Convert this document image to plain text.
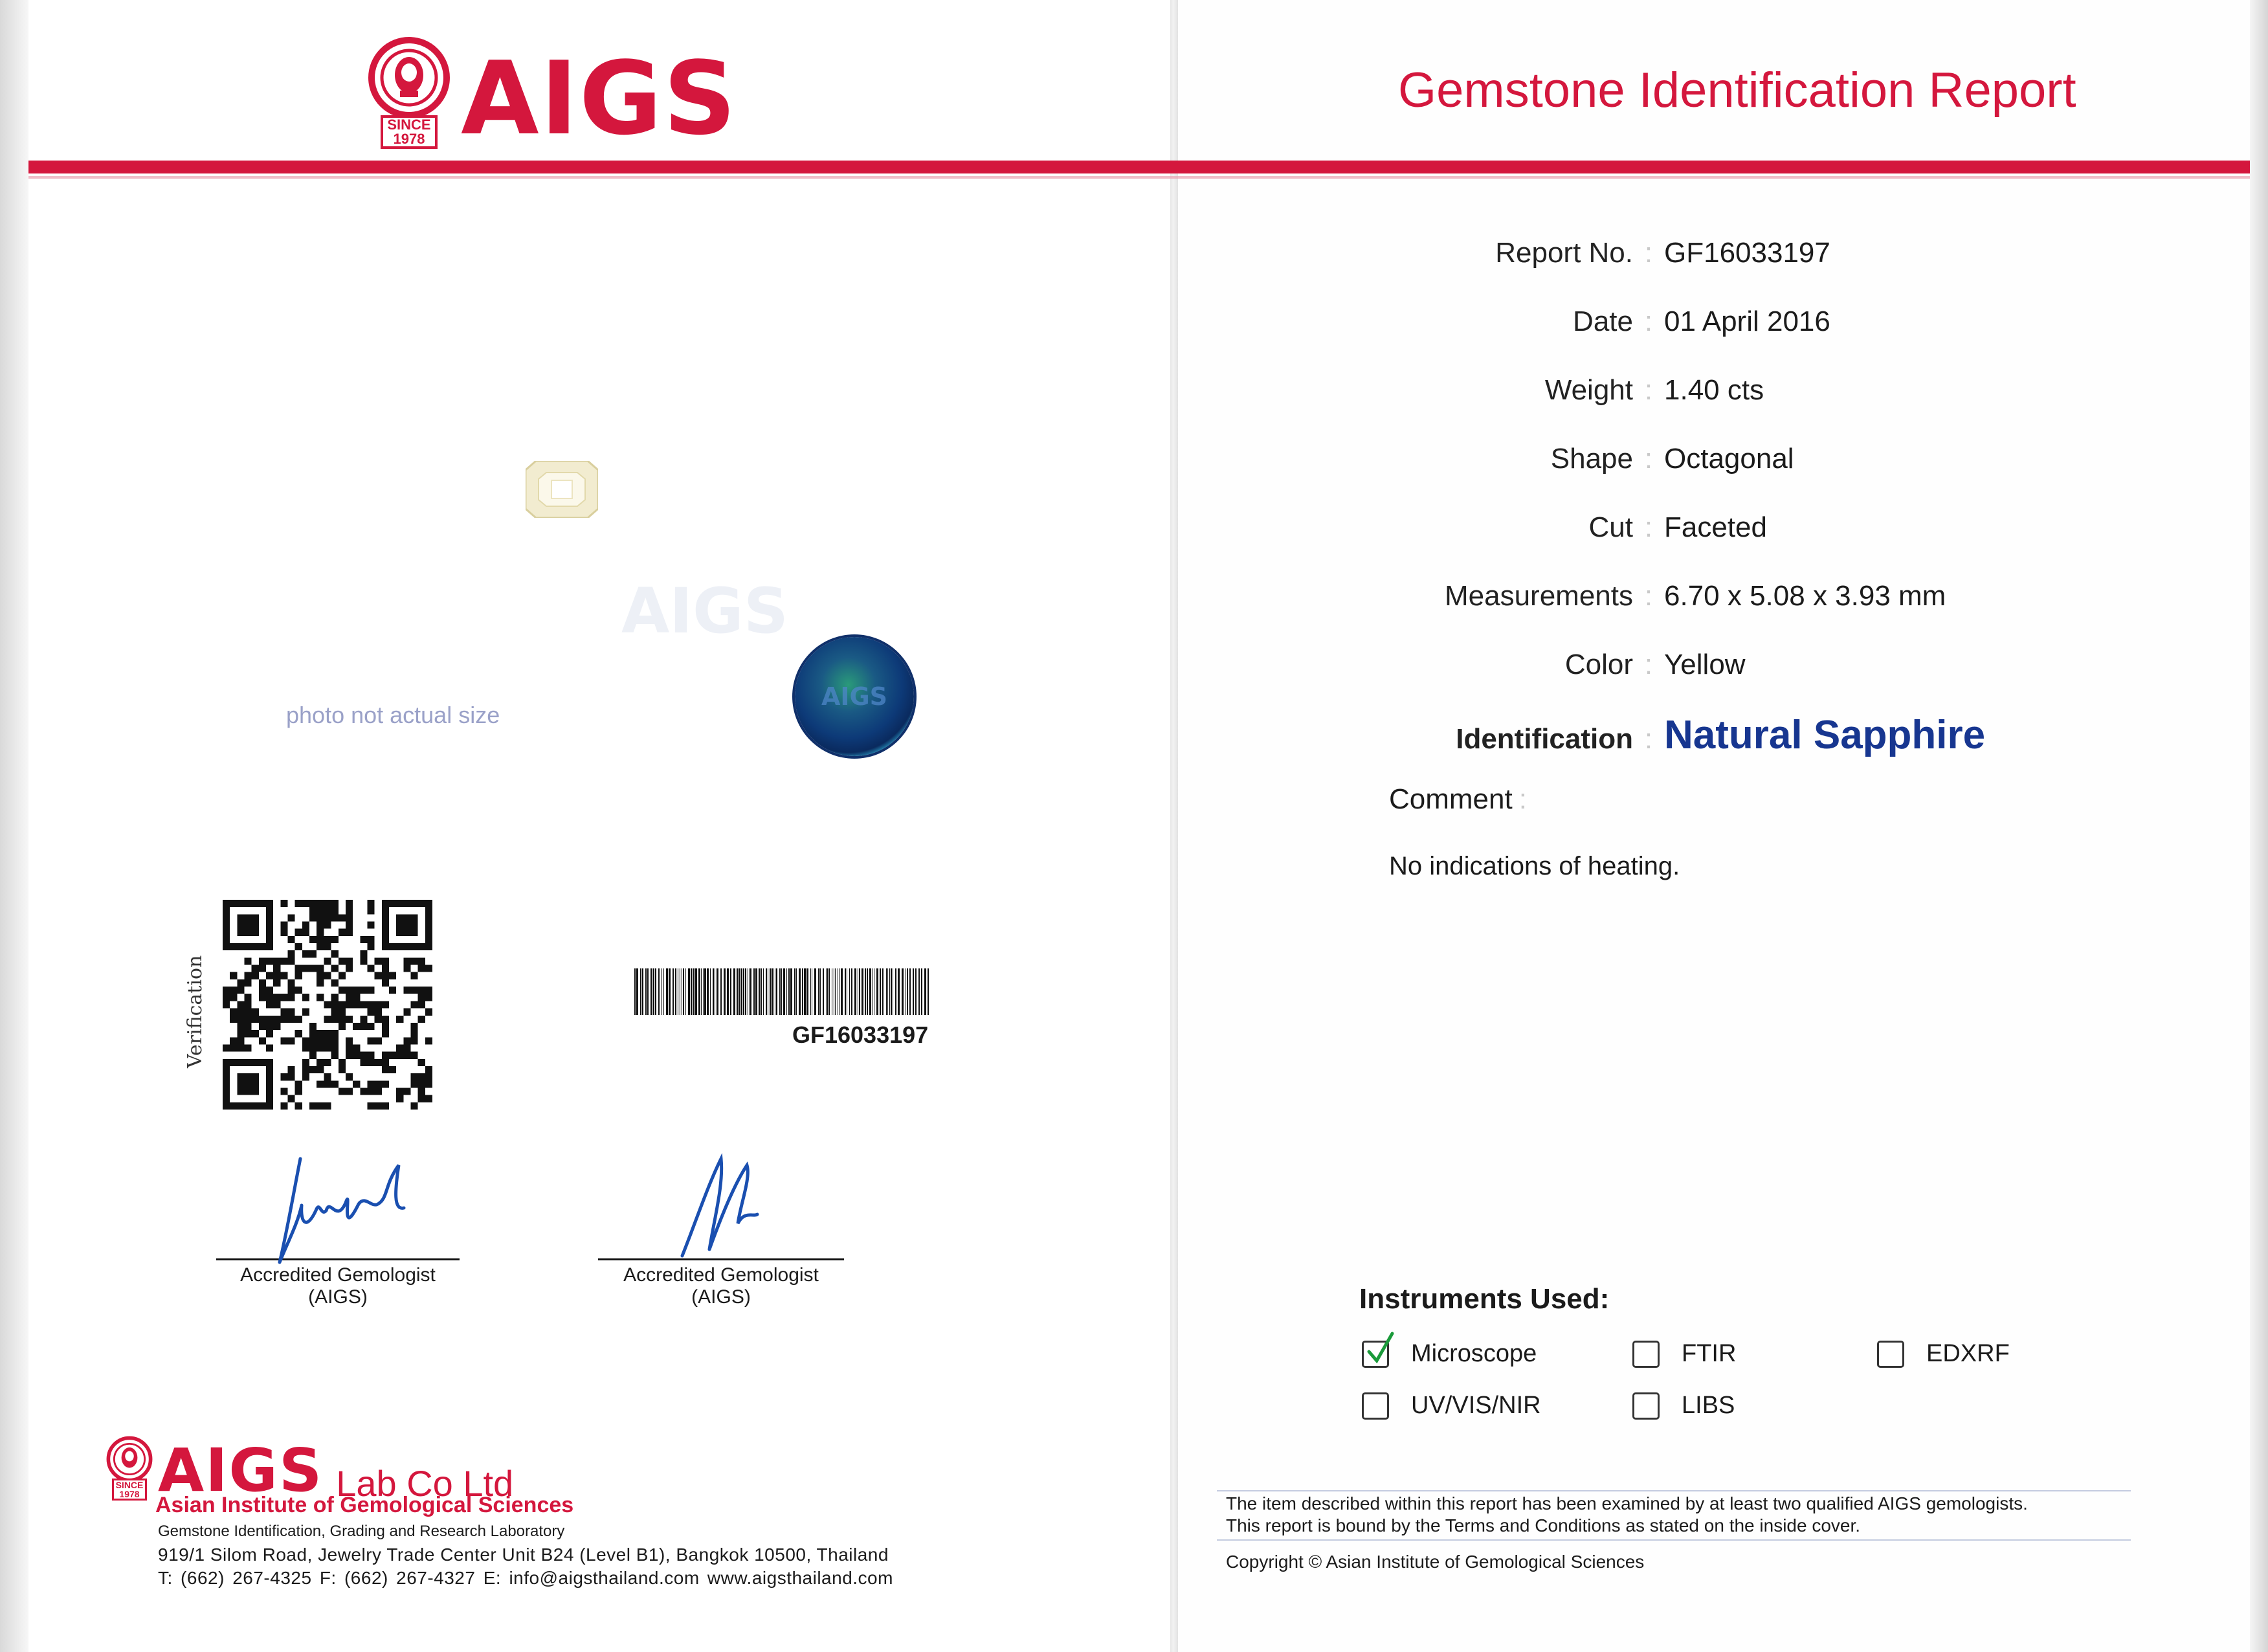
SINCE
1978 AIGS	Gemstone Identification Report
Report No. : GF16033197
Date : 01 April 2016
Weight : 1.40 cts
Shape : Octagonal
Cut : Faceted
Measurements : 6.70 x 5.08 x 3.93 mm
Color : Yellow
Identification : Natural Sapphire
Comment :
No indications of heating.
Instruments Used:
Microscope	FTIR	EDXRF
UV/VIS/NIR	LIBS
The item described within this report has been examined by at least two qualified AIGS gemologists.
This report is bound by the Terms and Conditions as stated on the inside cover.
Copyright © Asian Institute of Gemological Sciences
AIGS
AIGS
photo not actual size
Verification	GF16033197
Accredited Gemologist
(AIGS)
Accredited Gemologist
(AIGS)
SINCE
1978 AIGS Lab Co Ltd
Asian Institute of Gemological Sciences
Gemstone Identification, Grading and Research Laboratory
919/1 Silom Road, Jewelry Trade Center Unit B24 (Level B1), Bangkok 10500, Thailand
T: (662) 267-4325 F: (662) 267-4327 E: info@aigsthailand.com www.aigsthailand.com
